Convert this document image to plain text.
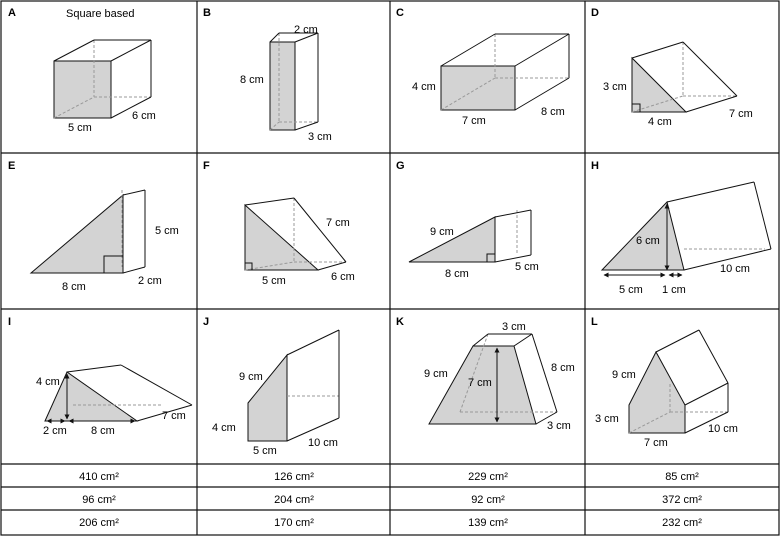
A	Square based
5 cm
6 cm
B
2 cm
8 cm
3 cm
C
4 cm
7 cm
8 cm
D
3 cm
4 cm
7 cm
E
5 cm
8 cm	2 cm
F
7 cm
5 cm	6 cm
G
9 cm
8 cm
5 cm
H
6 cm
5 cm 1 cm
10 cm
I
4 cm
2 cm 8 cm
7 cm
J
9 cm
4 cm
5 cm
10 cm
K	3 cm
9 cm
7 cm
8 cm
3 cm
L
9 cm
3 cm
7 cm
10 cm
410 cm²	126 cm²	229 cm²	85 cm²
96 cm²	204 cm²	92 cm²	372 cm²
206 cm²	170 cm²	139 cm²	232 cm²
